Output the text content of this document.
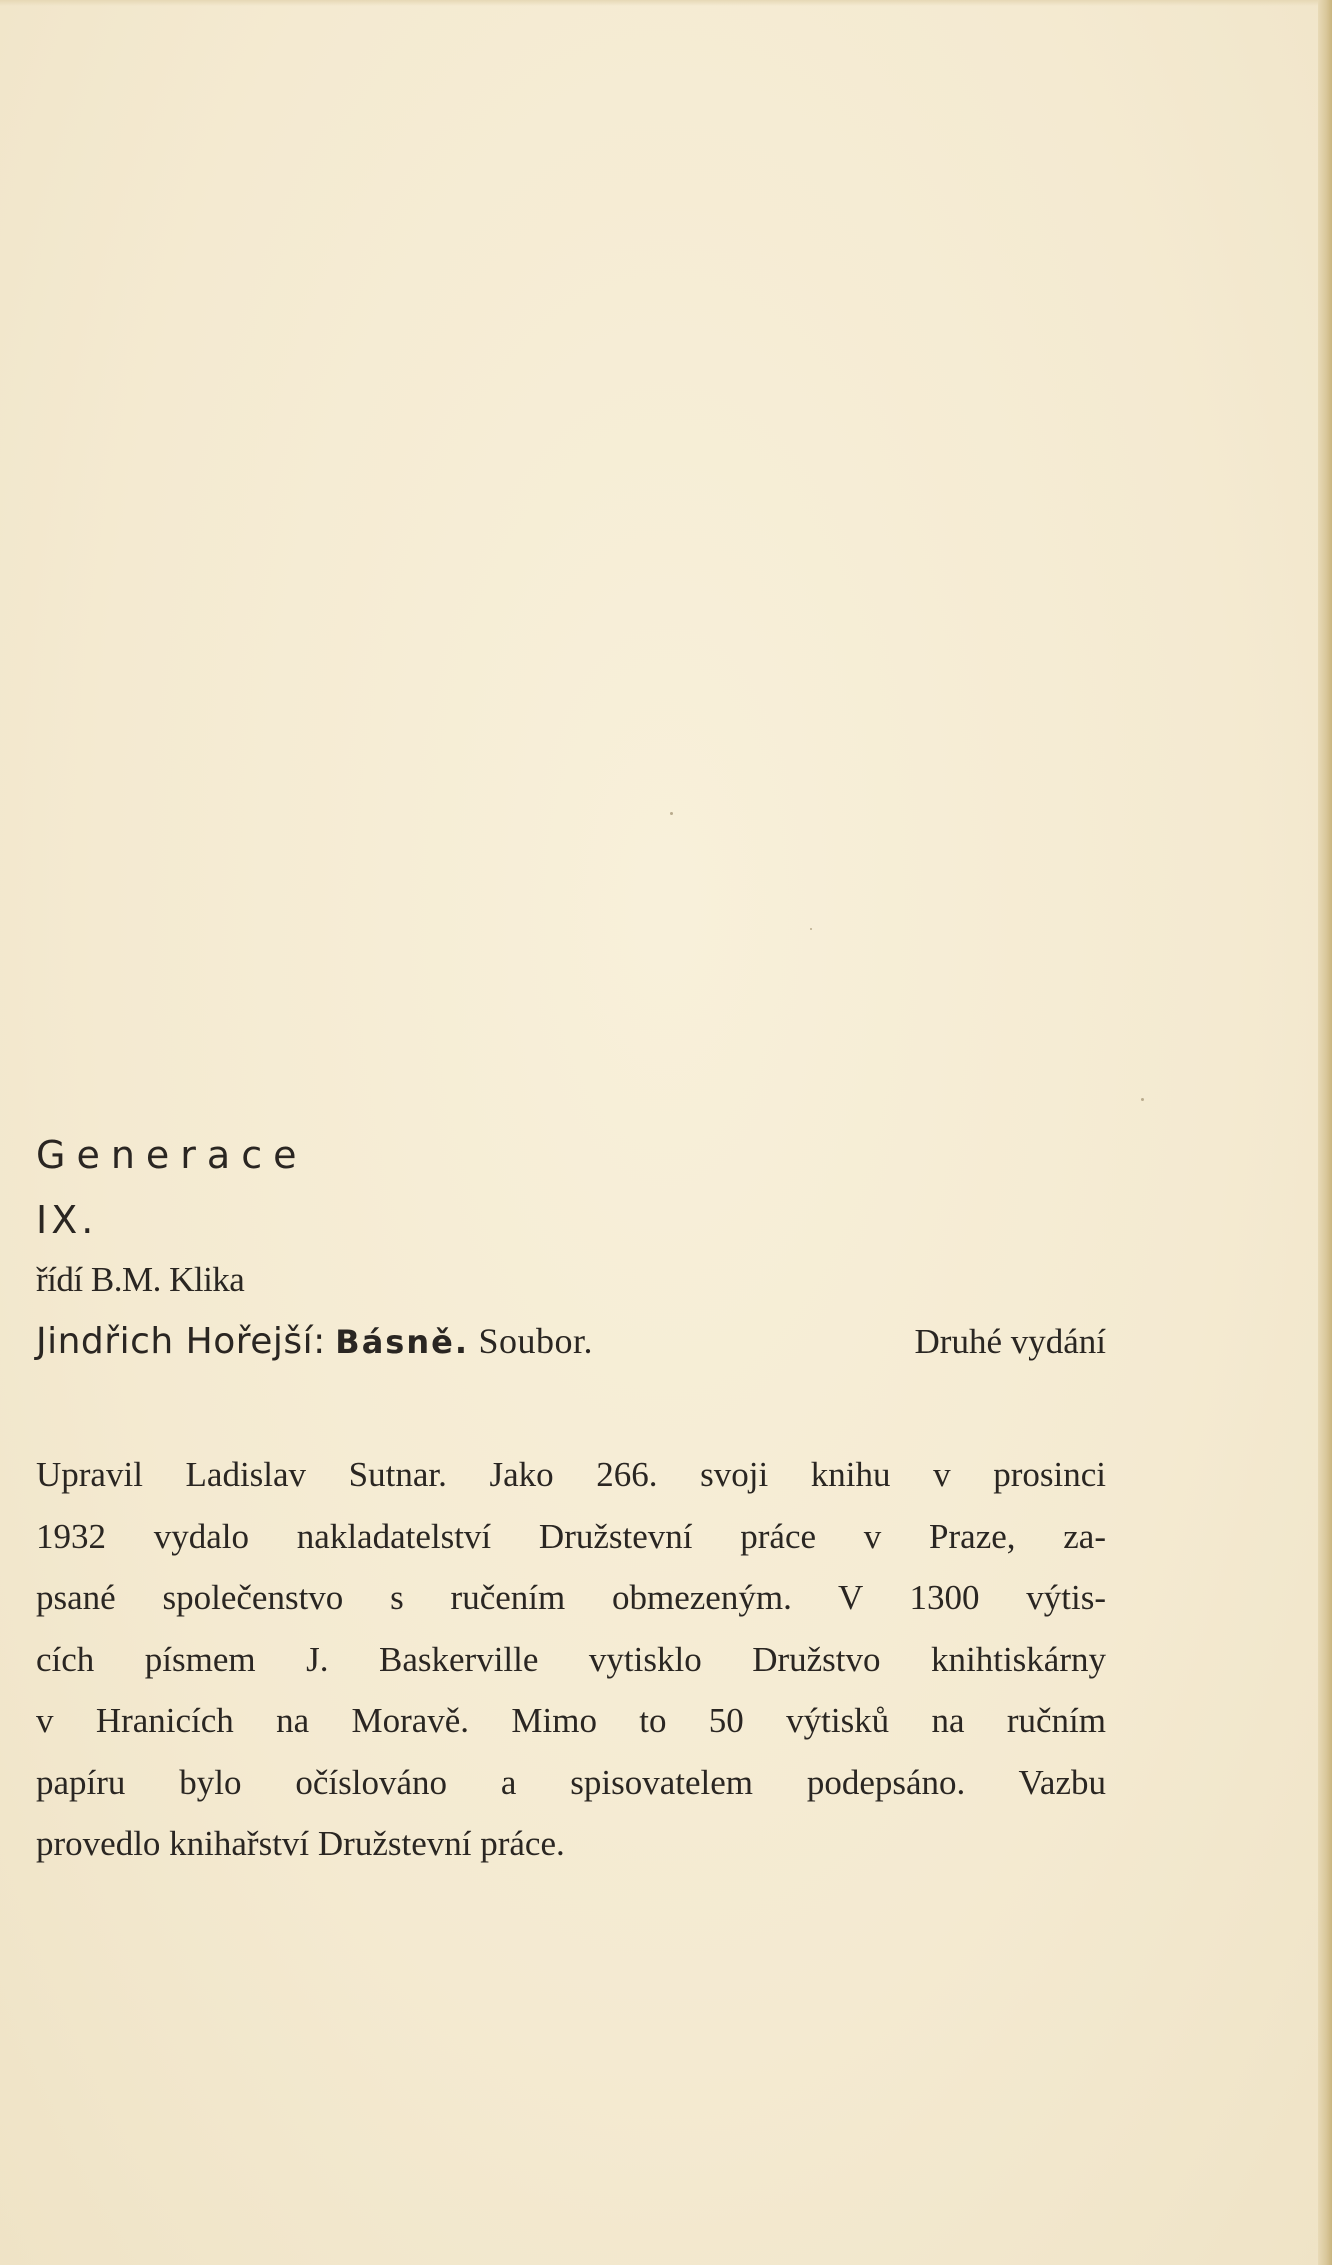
Generace
IX.
řídí B.M. Klika
Jindřich Hořejší: Básně. Soubor.	Druhé vydání
Upravil Ladislav Sutnar. Jako 266. svoji knihu v prosinci
1932 vydalo nakladatelství Družstevní práce v Praze, za-
psané společenstvo s ručením obmezeným. V 1300 výtis-
cích písmem J. Baskerville vytisklo Družstvo knihtiskárny
v Hranicích na Moravě. Mimo to 50 výtisků na ručním
papíru bylo očíslováno a spisovatelem podepsáno. Vazbu
provedlo knihařství Družstevní práce.
